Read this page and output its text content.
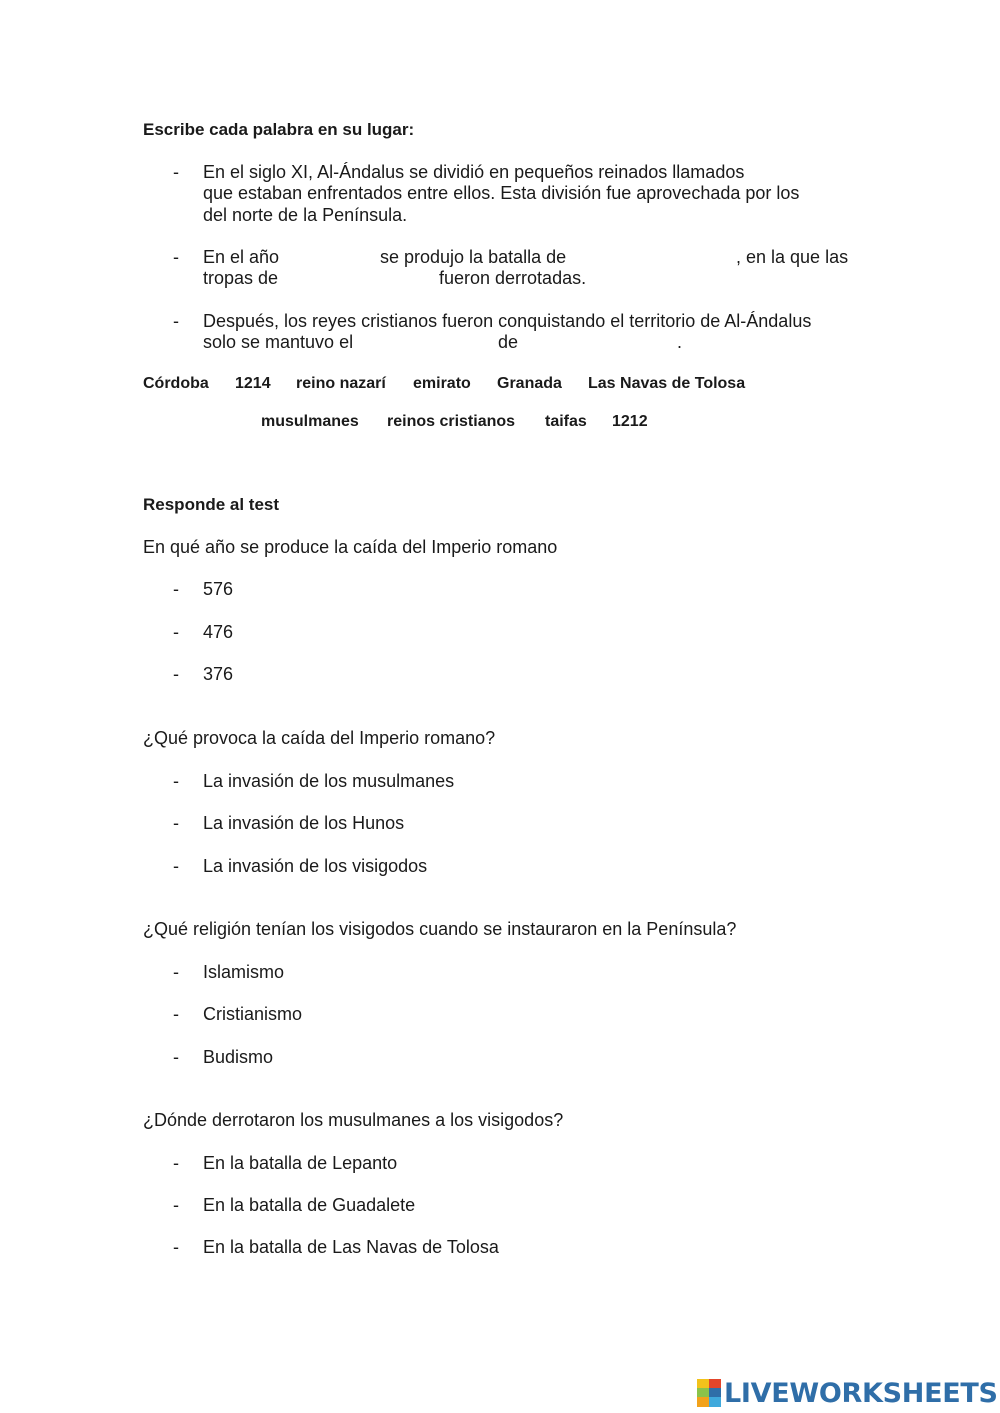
Escribe cada palabra en su lugar:
- En el siglo XI, Al-Ándalus se dividió en pequeños reinados llamados
que estaban enfrentados entre ellos. Esta división fue aprovechada por los
del norte de la Península.
- En el año	se produjo la batalla de	, en la que las
tropas de	fueron derrotadas.
- Después, los reyes cristianos fueron conquistando el territorio de Al-Ándalus
solo se mantuvo el	de	.
Córdoba 1214 reino nazarí emirato Granada Las Navas de Tolosa
musulmanes reinos cristianos taifas 1212
Responde al test
En qué año se produce la caída del Imperio romano
- 576
- 476
- 376
¿Qué provoca la caída del Imperio romano?
- La invasión de los musulmanes
- La invasión de los Hunos
- La invasión de los visigodos
¿Qué religión tenían los visigodos cuando se instauraron en la Península?
- Islamismo
- Cristianismo
- Budismo
¿Dónde derrotaron los musulmanes a los visigodos?
- En la batalla de Lepanto
- En la batalla de Guadalete
- En la batalla de Las Navas de Tolosa
LIVEWORKSHEETS
